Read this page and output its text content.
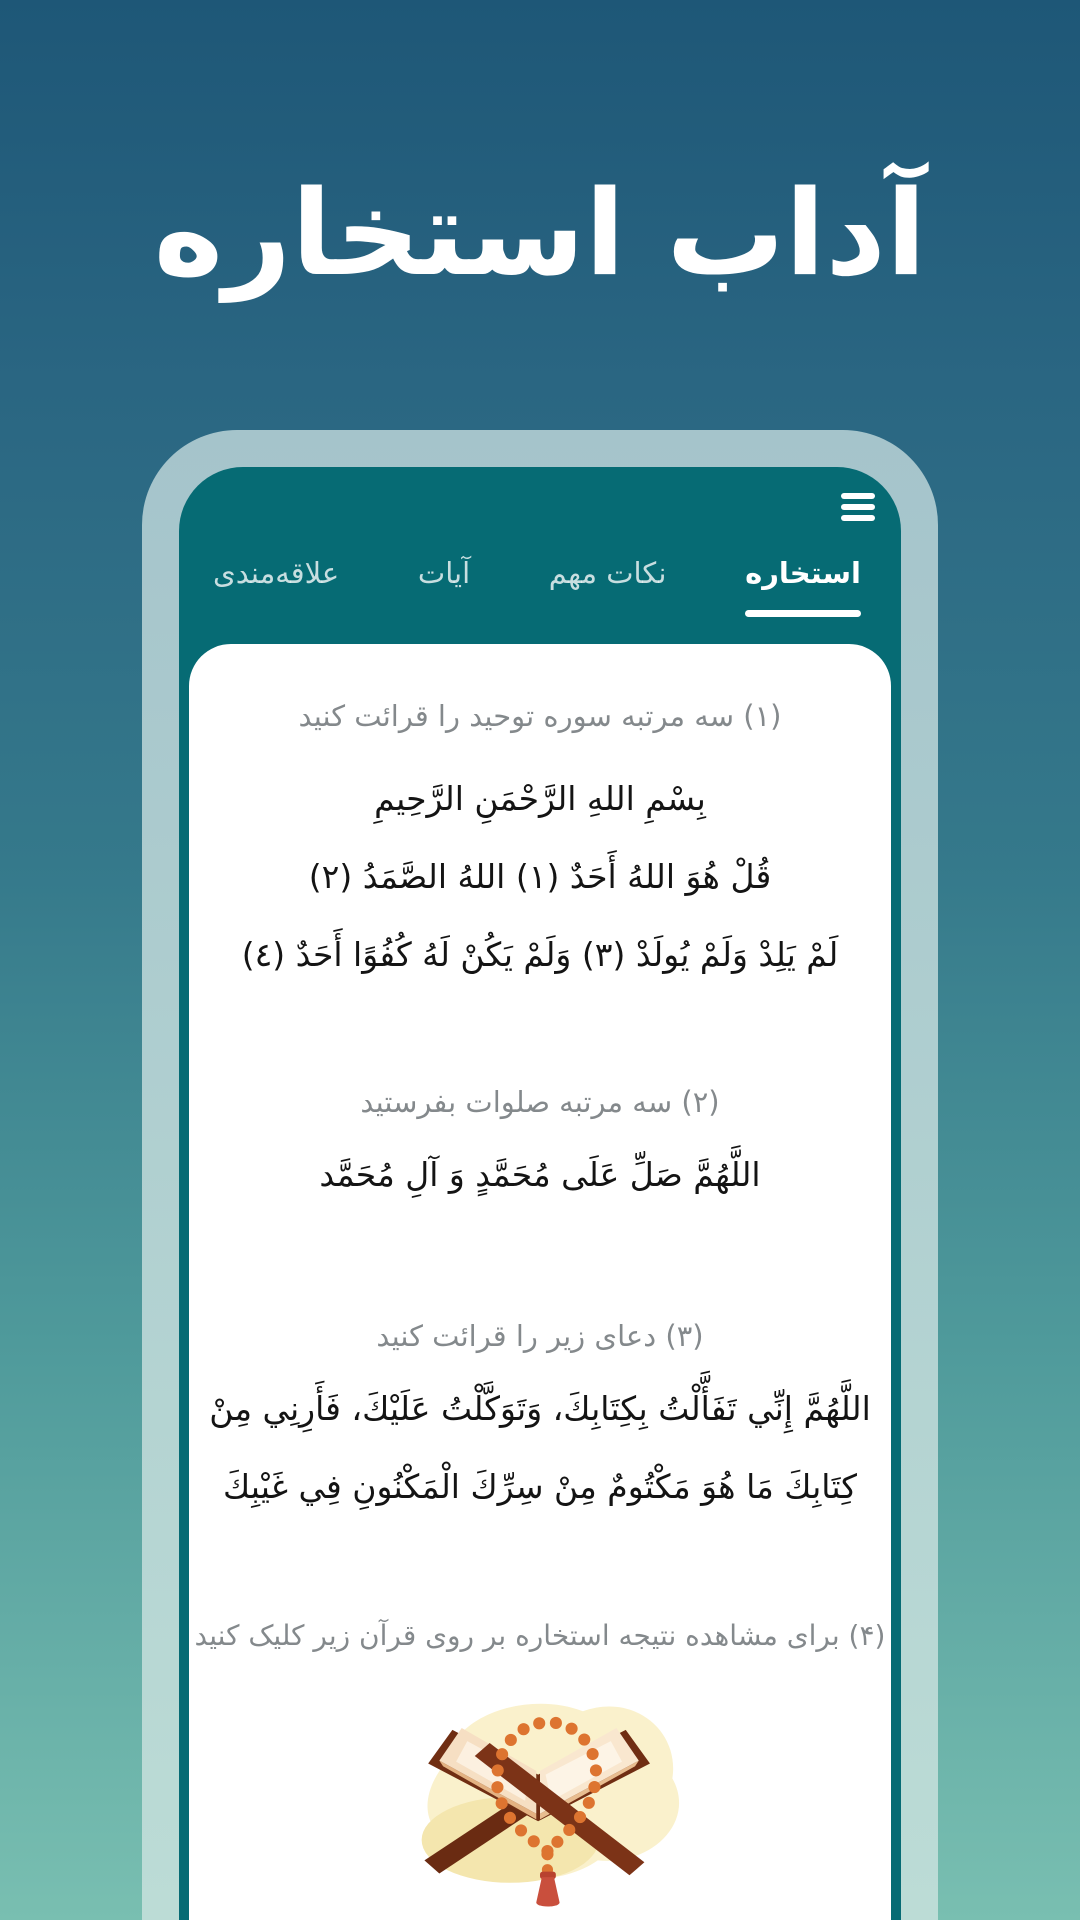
آداب استخاره
استخاره
نکات مهم
آیات
علاقه‌مندی
(۱) سه مرتبه سوره توحید را قرائت کنید
بِسْمِ اللهِ الرَّحْمَنِ الرَّحِيمِ
قُلْ هُوَ اللهُ أَحَدٌ (١) اللهُ الصَّمَدُ (٢)
لَمْ يَلِدْ وَلَمْ يُولَدْ (٣) وَلَمْ يَكُنْ لَهُ كُفُوًا أَحَدٌ (٤)
(۲) سه مرتبه صلوات بفرستید
اللَّهُمَّ صَلِّ عَلَى مُحَمَّدٍ وَ آلِ مُحَمَّد
(۳) دعای زیر را قرائت کنید
اللَّهُمَّ إِنِّي تَفَأَّلْتُ بِكِتَابِكَ، وَتَوَكَّلْتُ عَلَيْكَ، فَأَرِنِي مِنْ
كِتَابِكَ مَا هُوَ مَكْتُومٌ مِنْ سِرِّكَ الْمَكْنُونِ فِي غَيْبِكَ
(۴) برای مشاهده نتیجه استخاره بر روی قرآن زیر کلیک کنید
